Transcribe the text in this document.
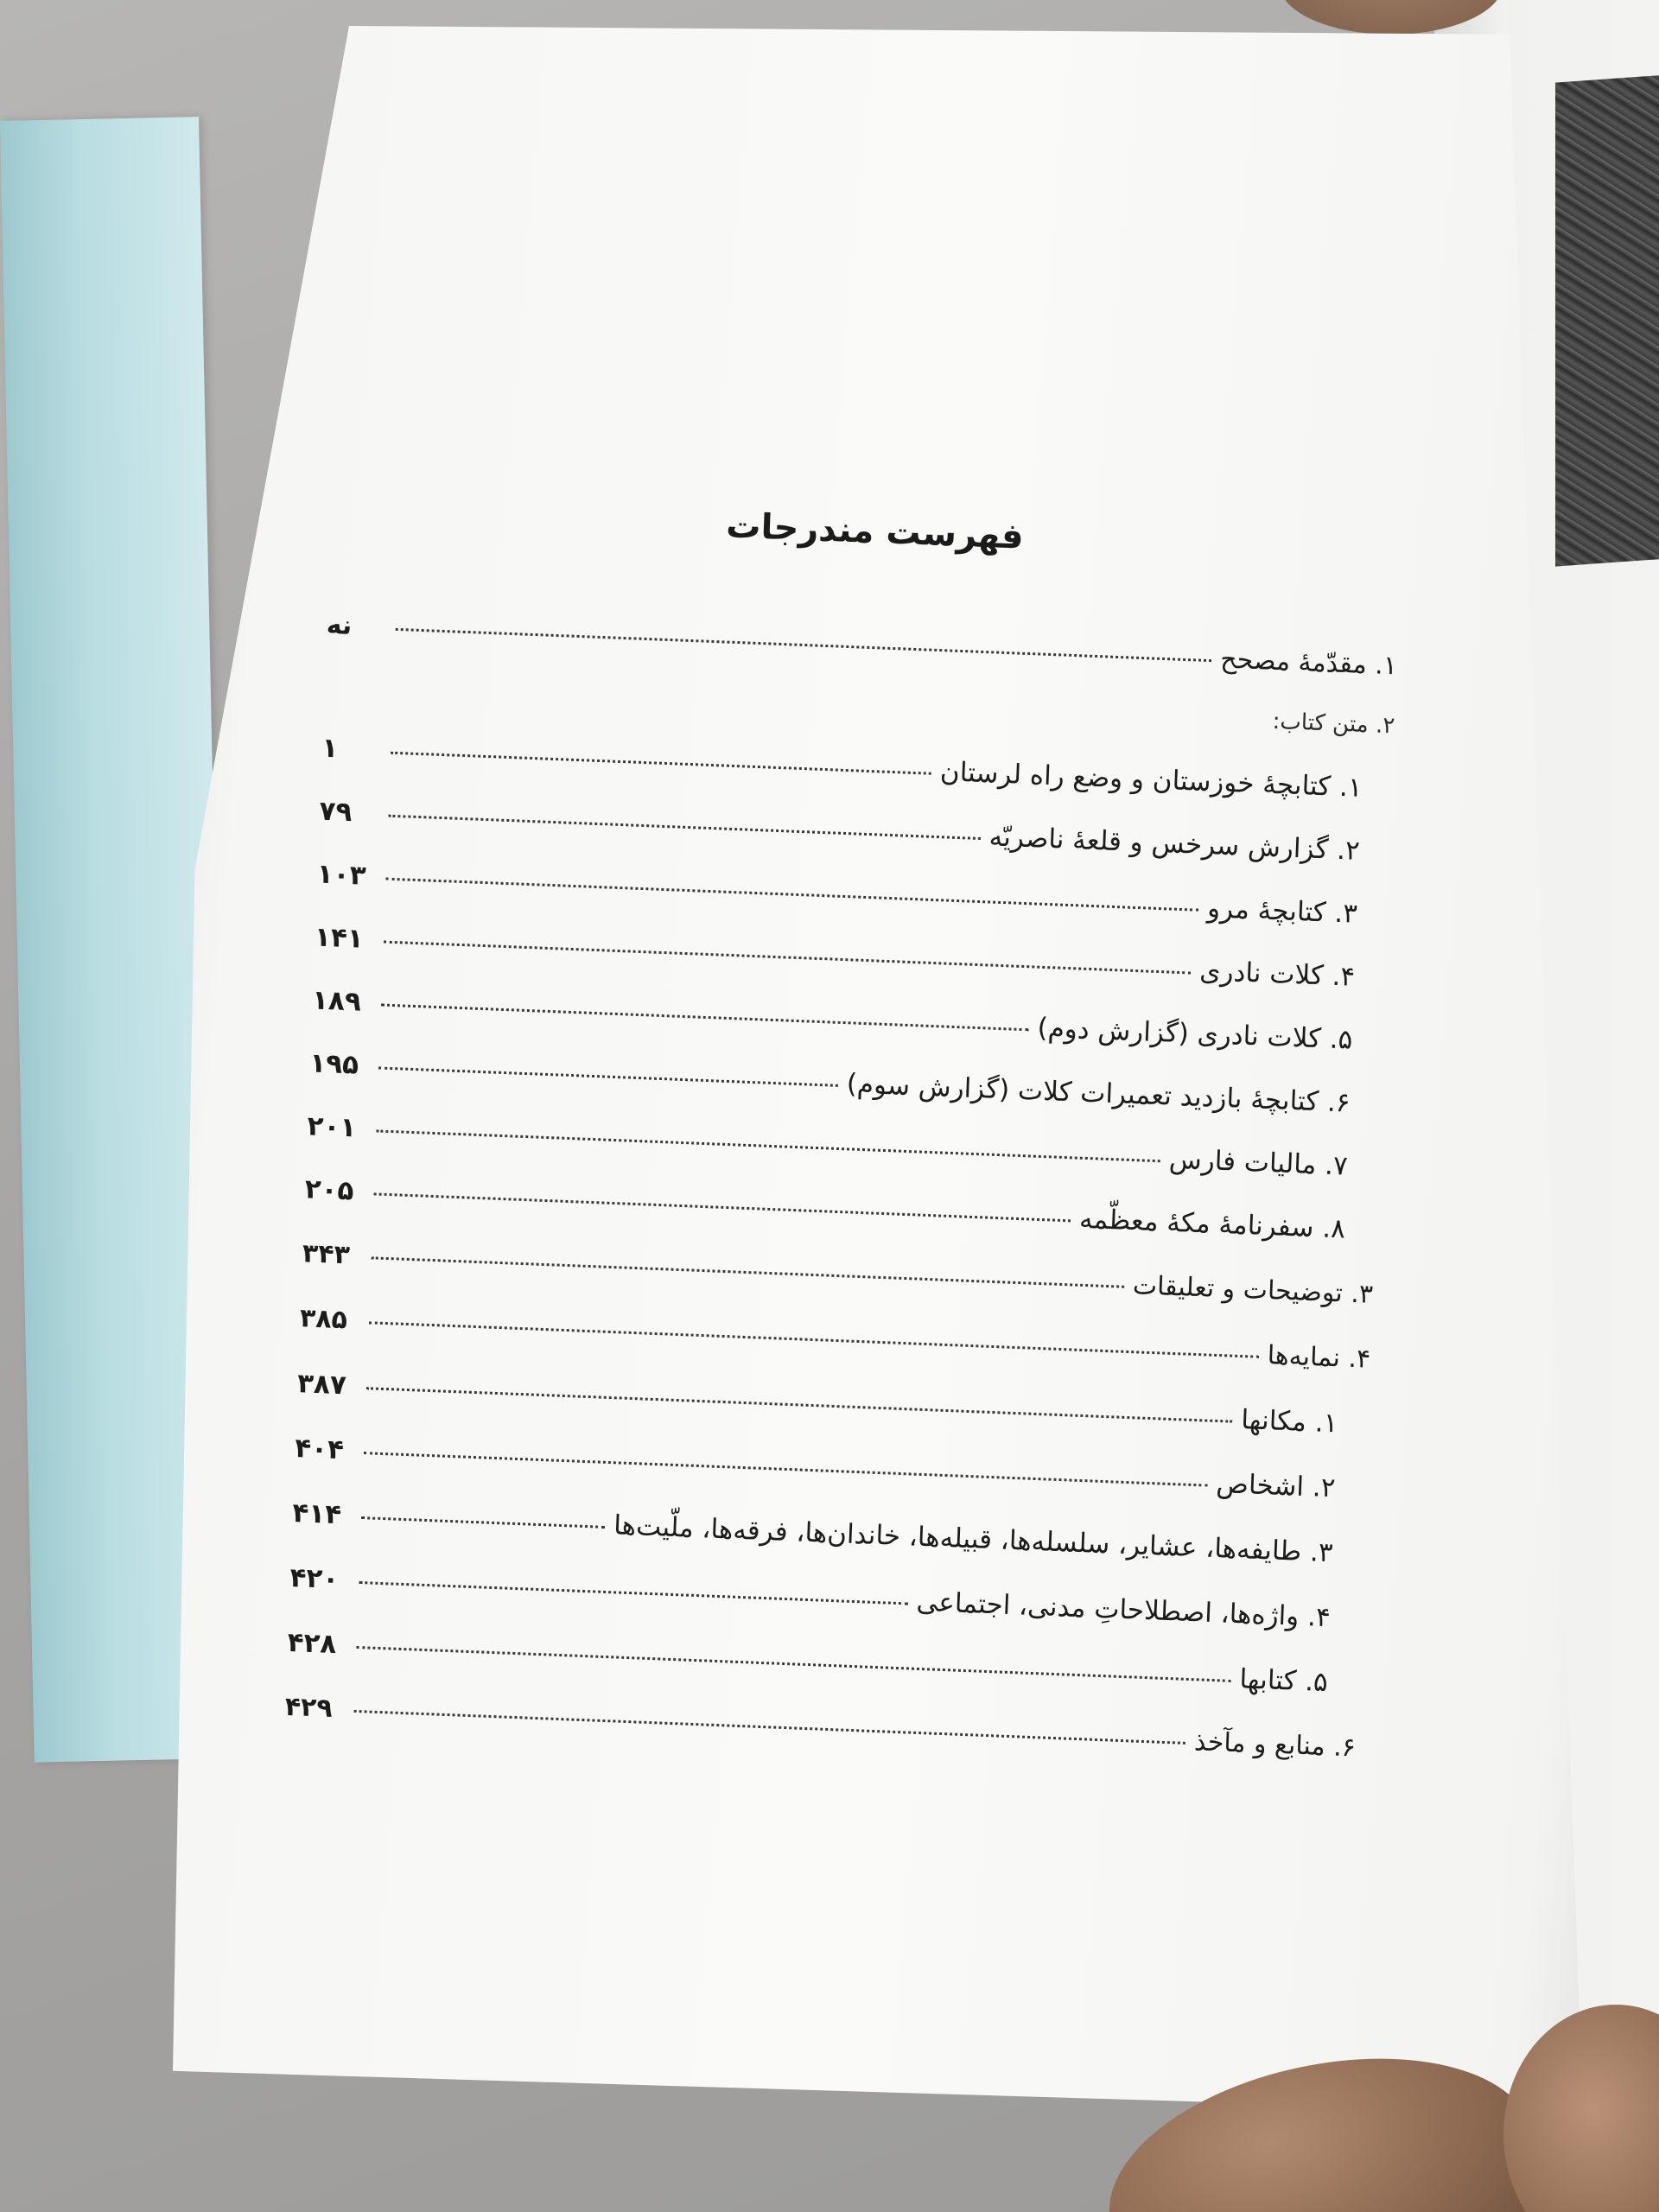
فهرست مندرجات
۱. مقدّمهٔ مصحح
نه
۲. متن کتاب:
۱. کتابچهٔ خوزستان و وضع راه لرستان
۱
۲. گزارش سرخس و قلعهٔ ناصریّه
۷۹
۳. کتابچهٔ مرو
۱۰۳
۴. کلات نادری
۱۴۱
۵. کلات نادری (گزارش دوم)
۱۸۹
۶. کتابچهٔ بازدید تعمیرات کلات (گزارش سوم)
۱۹۵
۷. مالیات فارس
۲۰۱
۸. سفرنامهٔ مکهٔ معظّمه
۲۰۵
۳. توضیحات و تعلیقات
۳۴۳
۴. نمایه‌ها
۳۸۵
۱. مکانها
۳۸۷
۲. اشخاص
۴۰۴
۳. طایفه‌ها، عشایر، سلسله‌ها، قبیله‌ها، خاندان‌ها، فرقه‌ها، ملّیت‌ها
۴۱۴
۴. واژه‌ها، اصطلاحاتِ مدنی، اجتماعی
۴۲۰
۵. کتابها
۴۲۸
۶. منابع و مآخذ
۴۲۹
